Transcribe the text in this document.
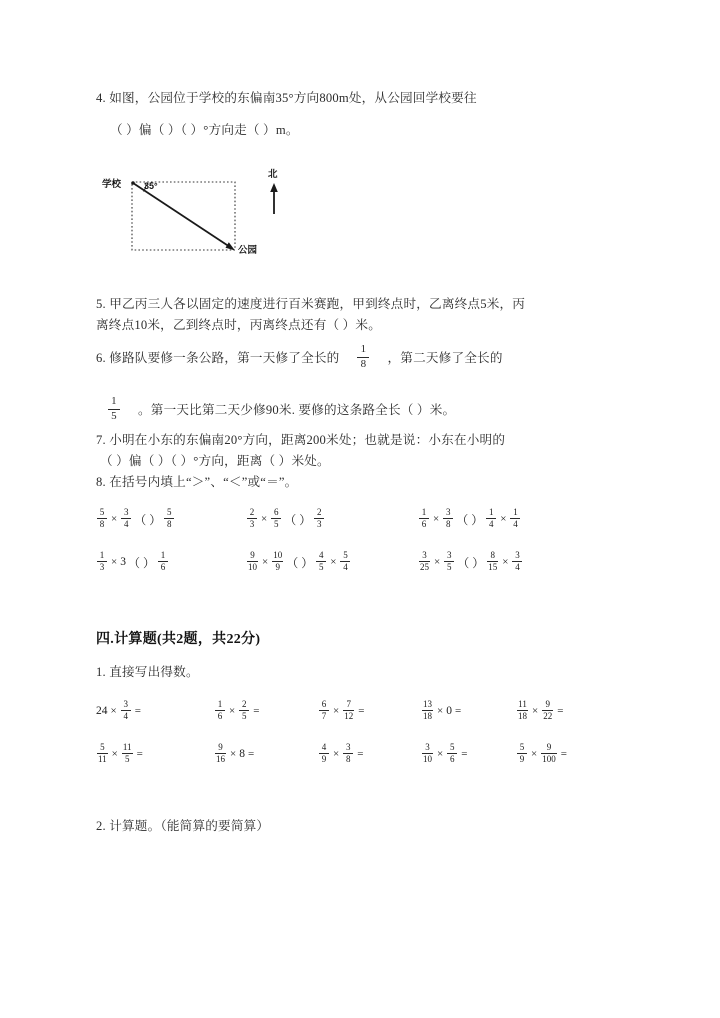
4. 如图，公园位于学校的东偏南35°方向800m处，从公园回学校要往
（ ）偏（ ）（ ）°方向走（ ）m。
学校	35°
公园
北
5. 甲乙丙三人各以固定的速度进行百米赛跑，甲到终点时，乙离终点5米，丙
离终点10米，乙到终点时，丙离终点还有（ ）米。
6. 修路队要修一条公路，第一天修了全长的 $\frac{1}{8}$ ，第二天修了全长的
$\frac{1}{5}$ 。第一天比第二天少修90米. 要修的这条路全长（ ）米。
7. 小明在小东的东偏南20°方向，距离200米处；也就是说：小东在小明的
（ ）偏（ ）（ ）°方向，距离（ ）米处。
8. 在括号内填上“＞”、“＜”或“＝”。
$\frac{5}{8} \times \frac{3}{4}$ （ ） $\frac{5}{8}$	$\frac{2}{3} \times \frac{6}{5}$ （ ） $\frac{2}{3}$	$\frac{1}{6} \times \frac{3}{8}$ （ ） $\frac{1}{4} \times \frac{1}{4}$
$\frac{1}{3} \times 3$ （ ） $\frac{1}{6}$	$\frac{9}{10} \times \frac{10}{9}$ （ ） $\frac{4}{5} \times \frac{5}{4}$	$\frac{3}{25} \times \frac{3}{5}$ （ ） $\frac{8}{15} \times \frac{3}{4}$
四.计算题(共2题，共22分)
1. 直接写出得数。
$24 \times \frac{3}{4}$ =	$\frac{1}{6} \times \frac{2}{5}$ =	$\frac{6}{7} \times \frac{7}{12}$ =	$\frac{13}{18} \times 0$ =	$\frac{11}{18} \times \frac{9}{22}$ =
$\frac{5}{11} \times \frac{11}{5}$ =	$\frac{9}{16} \times 8$ =	$\frac{4}{9} \times \frac{3}{8}$ =	$\frac{3}{10} \times \frac{5}{6}$ =	$\frac{5}{9} \times \frac{9}{100}$ =
2. 计算题。（能简算的要简算）
